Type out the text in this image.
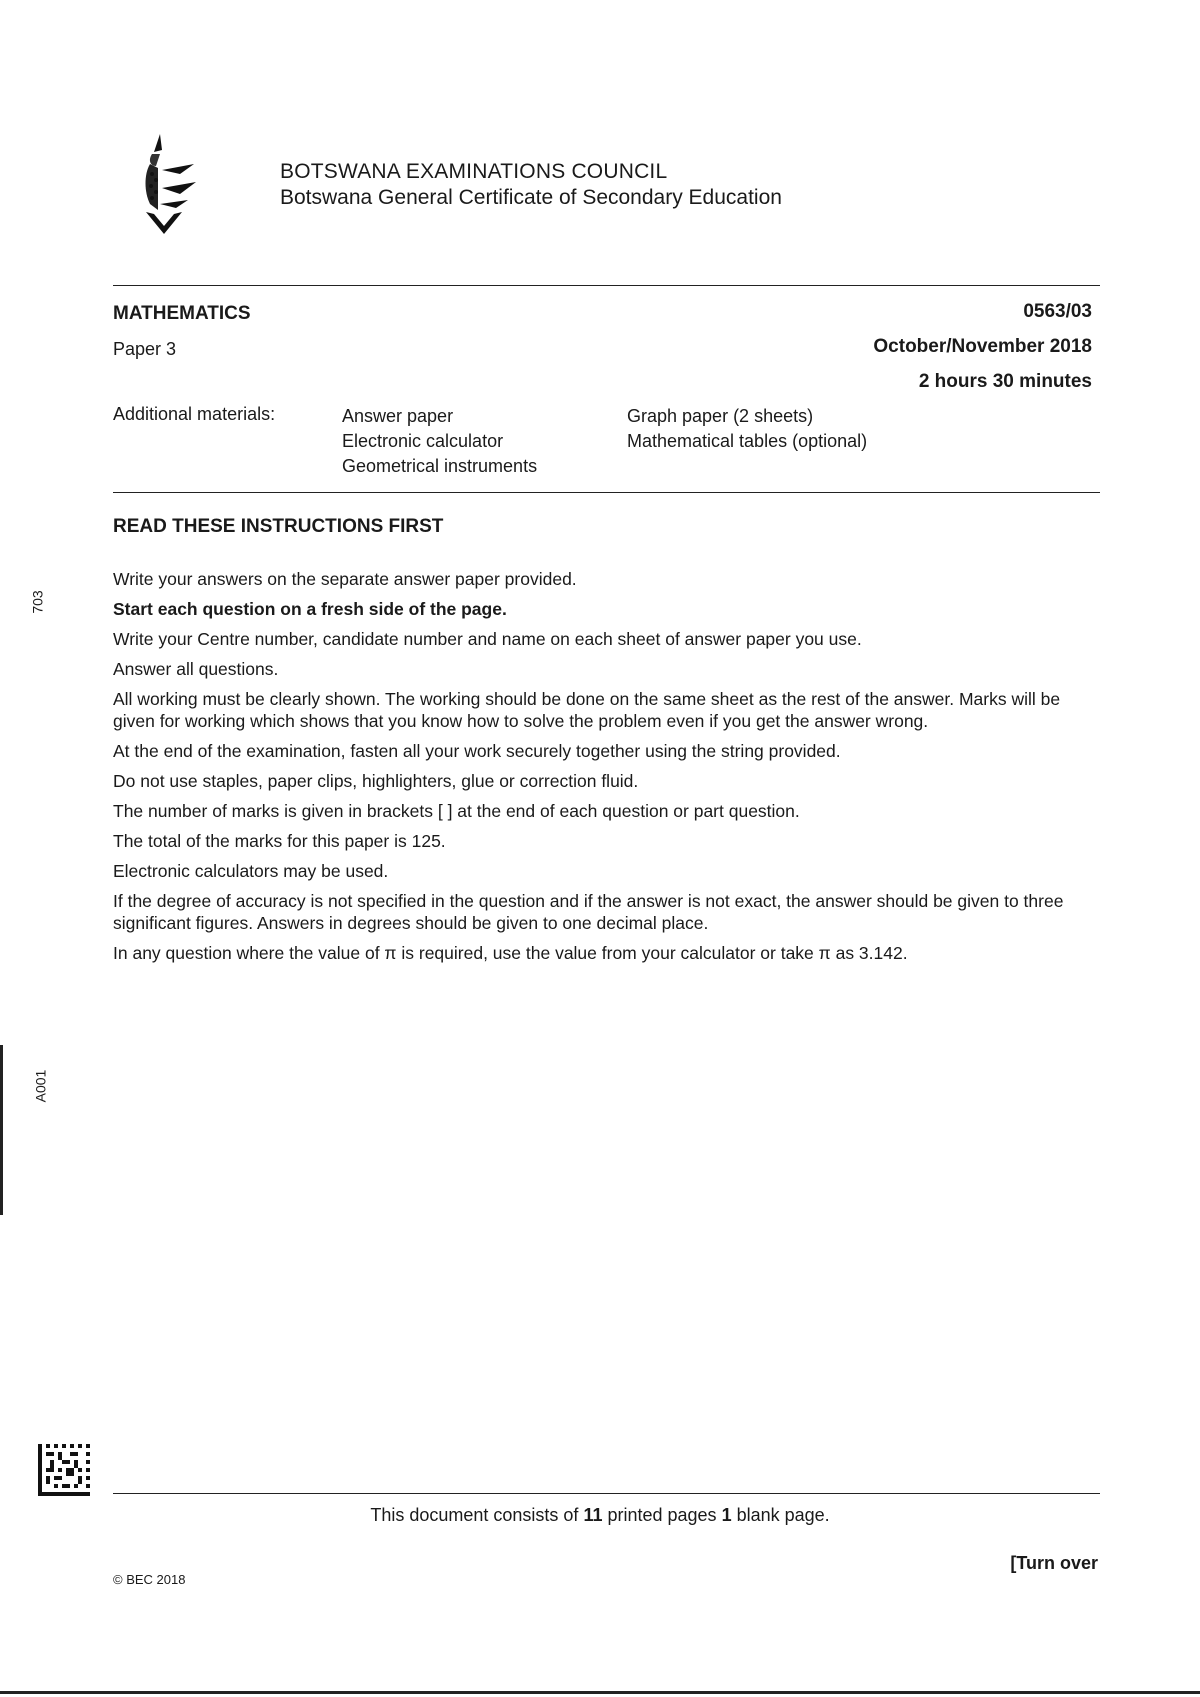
BOTSWANA EXAMINATIONS COUNCIL
Botswana General Certificate of Secondary Education
MATHEMATICS
Paper 3
0563/03
October/November 2018
2 hours 30 minutes
Additional materials:	Answer paper
Electronic calculator
Geometrical instruments
Graph paper (2 sheets)
Mathematical tables (optional)
READ THESE INSTRUCTIONS FIRST

Write your answers on the separate answer paper provided.

Start each question on a fresh side of the page.

Write your Centre number, candidate number and name on each sheet of answer paper you use.

Answer all questions.

All working must be clearly shown. The working should be done on the same sheet as the rest of the answer. Marks will be given for working which shows that you know how to solve the problem even if you get the answer wrong.

At the end of the examination, fasten all your work securely together using the string provided.

Do not use staples, paper clips, highlighters, glue or correction fluid.

The number of marks is given in brackets [ ] at the end of each question or part question.

The total of the marks for this paper is 125.

Electronic calculators may be used.

If the degree of accuracy is not specified in the question and if the answer is not exact, the answer should be given to three significant figures. Answers in degrees should be given to one decimal place.

In any question where the value of π is required, use the value from your calculator or take π as 3.142.

703
A001
This document consists of 11 printed pages 1 blank page.
[Turn over
© BEC 2018
